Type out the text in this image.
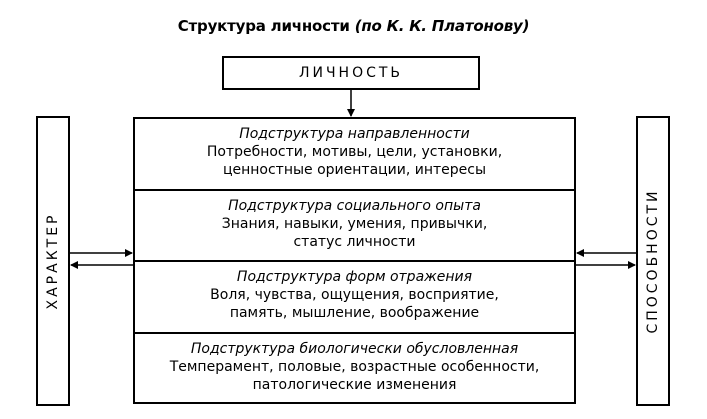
Структура личности (по К. К. Платонову)
ЛИЧНОСТЬ
ХАРАКТЕР	СПОСОБНОСТИ
Подструктура направленности
Потребности, мотивы, цели, установки,
ценностные ориентации, интересы
Подструктура социального опыта
Знания, навыки, умения, привычки,
статус личности
Подструктура форм отражения
Воля, чувства, ощущения, восприятие,
память, мышление, воображение
Подструктура биологически обусловленная
Темперамент, половые, возрастные особенности,
патологические изменения
